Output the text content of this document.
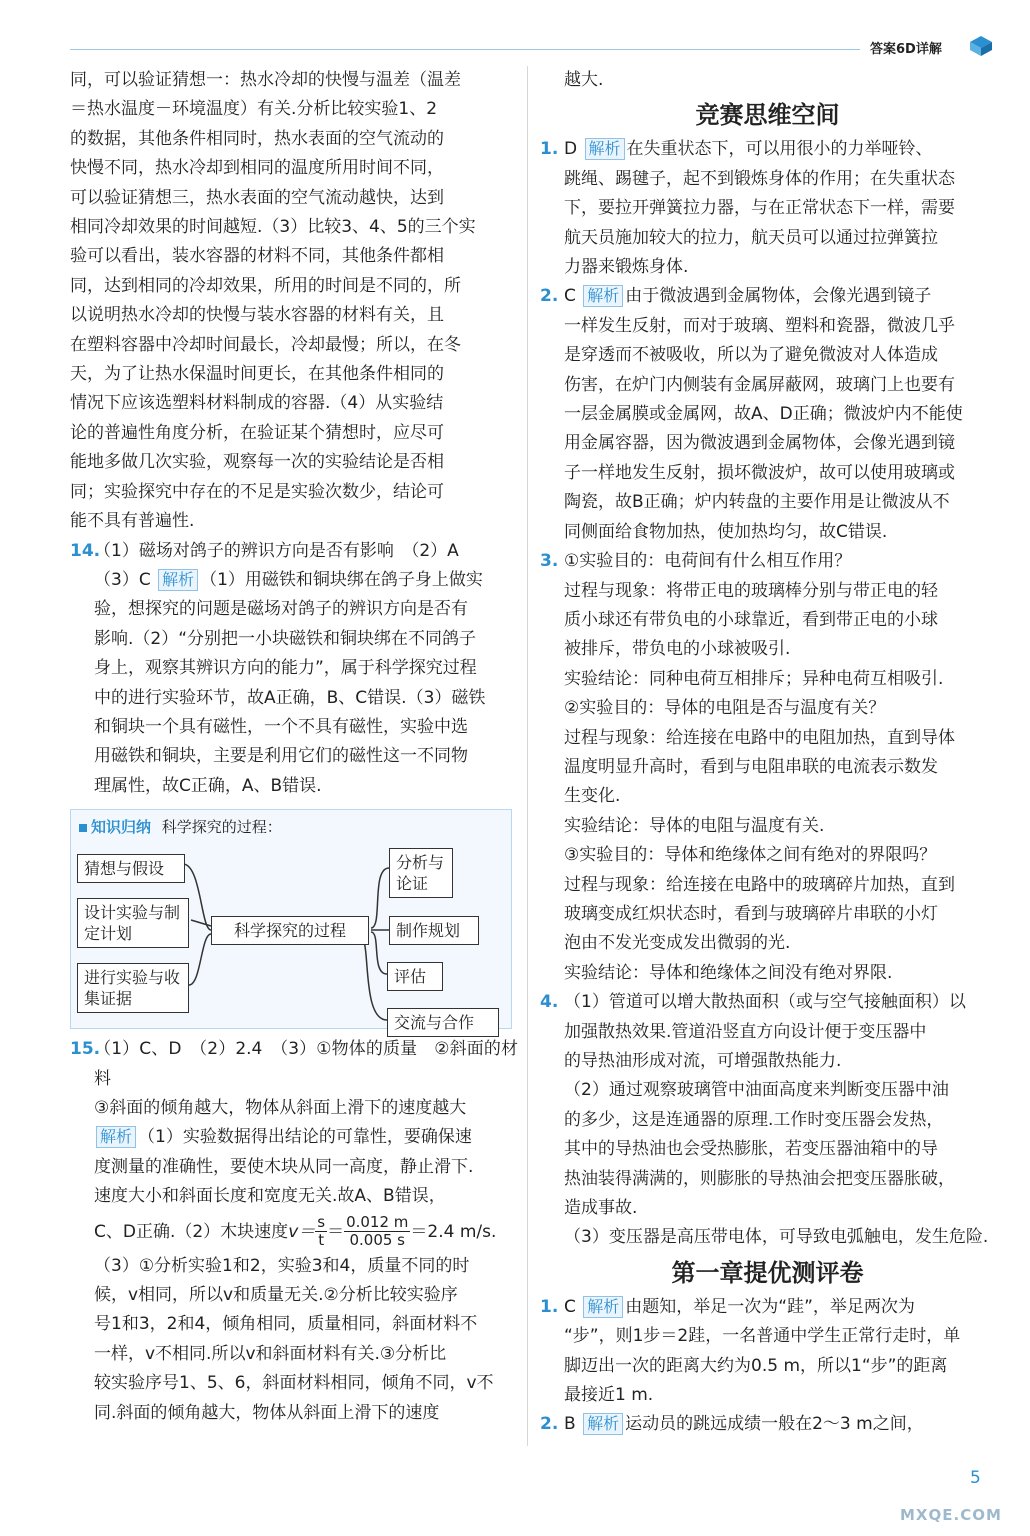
答案6D详解

同，可以验证猜想一：热水冷却的快慢与温差（温差

＝热水温度－环境温度）有关.分析比较实验1、2

的数据，其他条件相同时，热水表面的空气流动的

快慢不同，热水冷却到相同的温度所用时间不同，

可以验证猜想三，热水表面的空气流动越快，达到

相同冷却效果的时间越短.（3）比较3、4、5的三个实

验可以看出，装水容器的材料不同，其他条件都相

同，达到相同的冷却效果，所用的时间是不同的，所

以说明热水冷却的快慢与装水容器的材料有关，且

在塑料容器中冷却时间最长，冷却最慢；所以，在冬

天，为了让热水保温时间更长，在其他条件相同的

情况下应该选塑料材料制成的容器.（4）从实验结

论的普遍性角度分析，在验证某个猜想时，应尽可

能地多做几次实验，观察每一次的实验结论是否相

同；实验探究中存在的不足是实验次数少，结论可

能不具有普遍性.

14.（1）磁场对鸽子的辨识方向是否有影响　（2）A

（3）C 解析 （1）用磁铁和铜块绑在鸽子身上做实

验，想探究的问题是磁场对鸽子的辨识方向是否有

影响.（2）“分别把一小块磁铁和铜块绑在不同鸽子

身上，观察其辨识方向的能力”，属于科学探究过程

中的进行实验环节，故A正确，B、C错误.（3）磁铁

和铜块一个具有磁性，一个不具有磁性，实验中选

用磁铁和铜块，主要是利用它们的磁性这一不同物

理属性，故C正确，A、B错误.

知识归纳 科学探究的过程：
猜想与假设
设计实验与制定计划
进行实验与收集证据
科学探究的过程
分析与论证
制作规划
评估
交流与合作

15.（1）C、D　（2）2.4　（3）①物体的质量　②斜面的材料

③斜面的倾角越大，物体从斜面上滑下的速度越大

解析 （1）实验数据得出结论的可靠性，要确保速

度测量的准确性，要使木块从同一高度，静止滑下.

速度大小和斜面长度和宽度无关.故A、B错误，

C、D正确.（2）木块速度$v= \frac{s}{t} = \frac{0.012 m}{0.005 s} =2.4$ m/s.

（3）①分析实验1和2，实验3和4，质量不同的时

候，v相同，所以v和质量无关.②分析比较实验序

号1和3，2和4，倾角相同，质量相同，斜面材料不

一样，v不相同.所以v和斜面材料有关.③分析比

较实验序号1、5、6，斜面材料相同，倾角不同，v不

同.斜面的倾角越大，物体从斜面上滑下的速度

越大.

竞赛思维空间

1. D 解析 在失重状态下，可以用很小的力举哑铃、

跳绳、踢毽子，起不到锻炼身体的作用；在失重状态

下，要拉开弹簧拉力器，与在正常状态下一样，需要

航天员施加较大的拉力，航天员可以通过拉弹簧拉

力器来锻炼身体.

2. C 解析 由于微波遇到金属物体，会像光遇到镜子

一样发生反射，而对于玻璃、塑料和瓷器，微波几乎

是穿透而不被吸收，所以为了避免微波对人体造成

伤害，在炉门内侧装有金属屏蔽网，玻璃门上也要有

一层金属膜或金属网，故A、D正确；微波炉内不能使

用金属容器，因为微波遇到金属物体，会像光遇到镜

子一样地发生反射，损坏微波炉，故可以使用玻璃或

陶瓷，故B正确；炉内转盘的主要作用是让微波从不

同侧面给食物加热，使加热均匀，故C错误.

3. ①实验目的：电荷间有什么相互作用？

过程与现象：将带正电的玻璃棒分别与带正电的轻

质小球还有带负电的小球靠近，看到带正电的小球

被排斥，带负电的小球被吸引.

实验结论：同种电荷互相排斥；异种电荷互相吸引.

②实验目的：导体的电阻是否与温度有关？

过程与现象：给连接在电路中的电阻加热，直到导体

温度明显升高时，看到与电阻串联的电流表示数发

生变化.

实验结论：导体的电阻与温度有关.

③实验目的：导体和绝缘体之间有绝对的界限吗？

过程与现象：给连接在电路中的玻璃碎片加热，直到

玻璃变成红炽状态时，看到与玻璃碎片串联的小灯

泡由不发光变成发出微弱的光.

实验结论：导体和绝缘体之间没有绝对界限.

4. （1）管道可以增大散热面积（或与空气接触面积）以

加强散热效果.管道沿竖直方向设计便于变压器中

的导热油形成对流，可增强散热能力.

（2）通过观察玻璃管中油面高度来判断变压器中油

的多少，这是连通器的原理.工作时变压器会发热，

其中的导热油也会受热膨胀，若变压器油箱中的导

热油装得满满的，则膨胀的导热油会把变压器胀破，

造成事故.

（3）变压器是高压带电体，可导致电弧触电，发生危险.

第一章提优测评卷

1. C 解析 由题知，举足一次为“跬”，举足两次为

“步”，则1步＝2跬，一名普通中学生正常行走时，单

脚迈出一次的距离大约为0.5 m，所以1“步”的距离

最接近1 m.

2. B 解析 运动员的跳远成绩一般在2～3 m之间，

5
MXQE.COM
